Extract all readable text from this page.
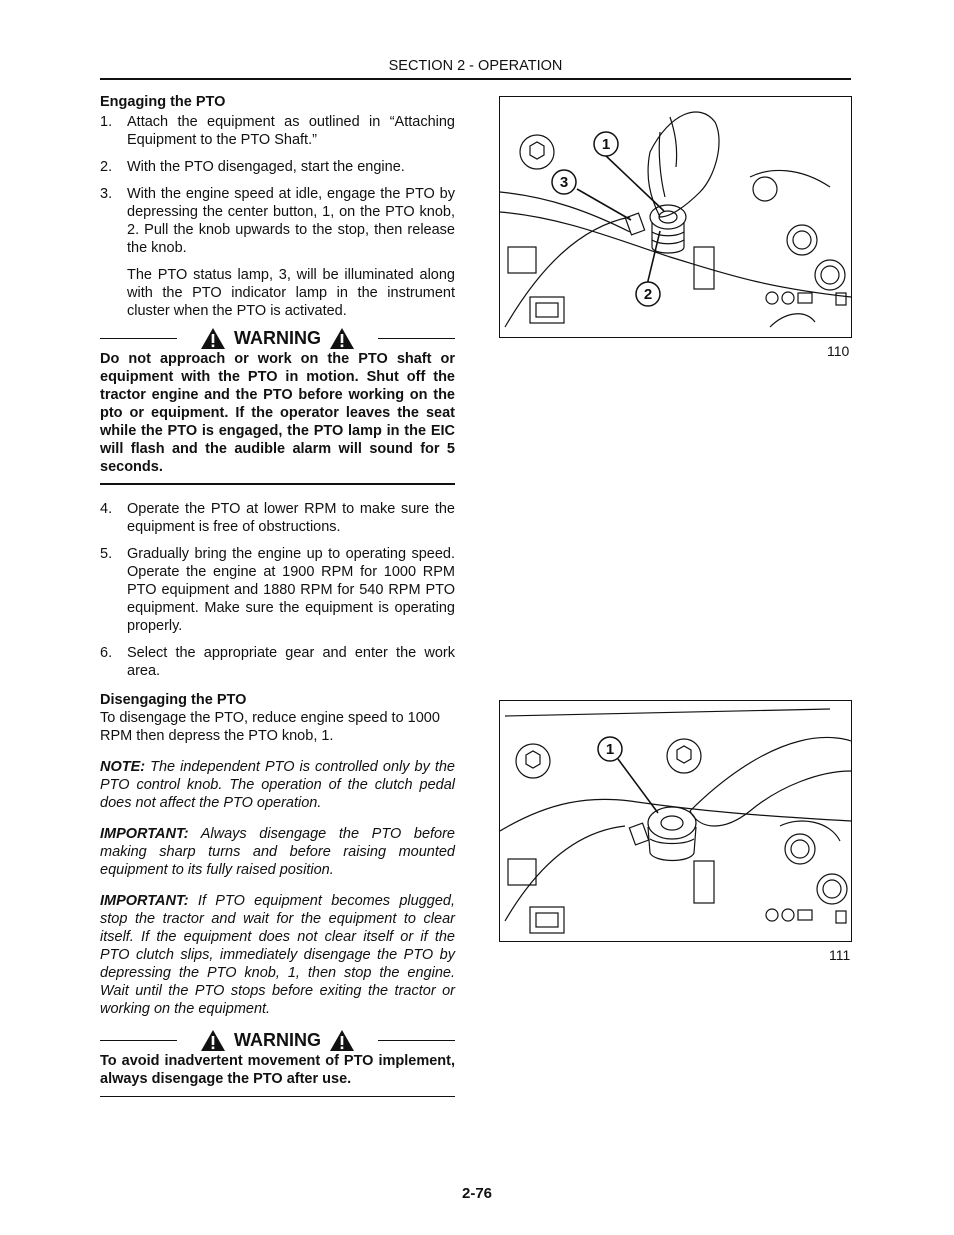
SECTION 2 - OPERATION
Engaging the PTO
1.	Attach the equipment as outlined in “Attaching Equipment to the PTO Shaft.”
2.	With the PTO disengaged, start the engine.
3.	With the engine speed at idle, engage the PTO by depressing the center button, 1, on the PTO knob, 2. Pull the knob upwards to the stop, then release the knob.
The PTO status lamp, 3, will be illuminated along with the PTO indicator lamp in the instrument cluster when the PTO is activated.
WARNING
Do not approach or work on the PTO shaft or equipment with the PTO in motion. Shut off the tractor engine and the PTO before working on the pto or equipment. If the operator leaves the seat while the PTO is engaged, the PTO lamp in the EIC will flash and the audible alarm will sound for 5 seconds.
4.	Operate the PTO at lower RPM to make sure the equipment is free of obstructions.
5.	Gradually bring the engine up to operating speed. Operate the engine at 1900 RPM for 1000 RPM PTO equipment and 1880 RPM for 540 RPM PTO equipment. Make sure the equipment is operating properly.
6.	Select the appropriate gear and enter the work area.
Disengaging the PTO
To disengage the PTO, reduce engine speed to 1000 RPM then depress the PTO knob, 1.
NOTE: The independent PTO is controlled only by the PTO control knob. The operation of the clutch pedal does not affect the PTO operation.
IMPORTANT: Always disengage the PTO before making sharp turns and before raising mounted equipment to its fully raised position.
IMPORTANT: If PTO equipment becomes plugged, stop the tractor and wait for the equipment to clear itself. If the equipment does not clear itself or if the PTO clutch slips, immediately disengage the PTO by depressing the PTO knob, 1, then stop the engine. Wait until the PTO stops before exiting the tractor or working on the equipment.
WARNING
To avoid inadvertent movement of PTO implement, always disengage the PTO after use.
1
3
2
110
1
111
2-76
